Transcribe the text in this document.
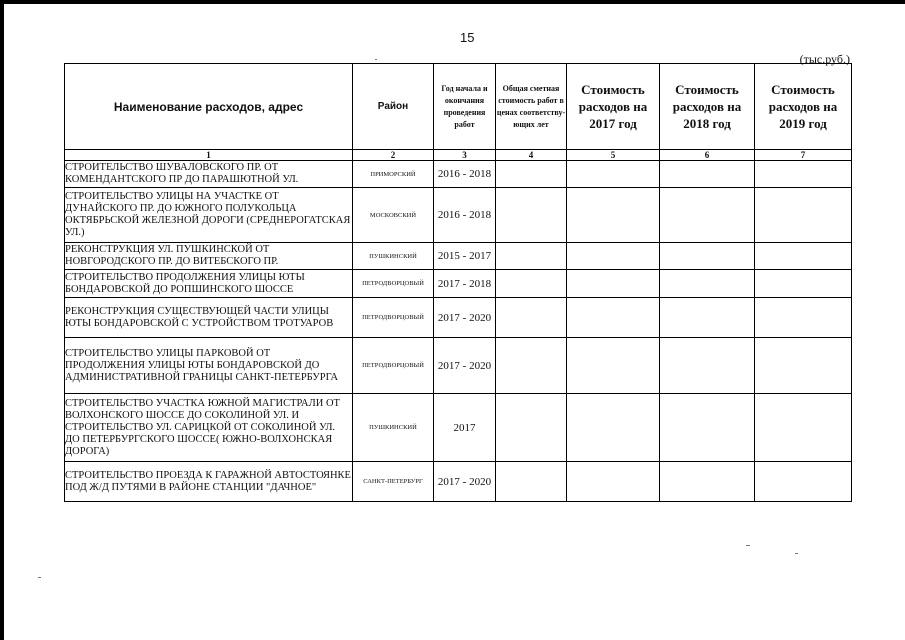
15
(тыс.руб.)
Наименование расходов, адрес	Район	Год начала и окончания проведения работ	Общая сметная стоимость работ в ценах соответству-ющих лет	Стоимость расходов на 2017 год	Стоимость расходов на 2018 год	Стоимость расходов на 2019 год
1	2	3	4	5	6	7
СТРОИТЕЛЬСТВО ШУВАЛОВСКОГО ПР. ОТ КОМЕНДАНТСКОГО ПР ДО ПАРАШЮТНОЙ УЛ.	ПРИМОРСКИЙ	2016 - 2018				
СТРОИТЕЛЬСТВО УЛИЦЫ НА УЧАСТКЕ ОТ ДУНАЙСКОГО ПР. ДО ЮЖНОГО ПОЛУКОЛЬЦА ОКТЯБРЬСКОЙ ЖЕЛЕЗНОЙ ДОРОГИ (СРЕДНЕРОГАТСКАЯ УЛ.)	МОСКОВСКИЙ	2016 - 2018				
РЕКОНСТРУКЦИЯ УЛ. ПУШКИНСКОЙ ОТ НОВГОРОДСКОГО ПР. ДО ВИТЕБСКОГО ПР.	ПУШКИНСКИЙ	2015 - 2017				
СТРОИТЕЛЬСТВО ПРОДОЛЖЕНИЯ УЛИЦЫ ЮТЫ БОНДАРОВСКОЙ ДО РОПШИНСКОГО ШОССЕ	ПЕТРОДВОРЦОВЫЙ	2017 - 2018				
РЕКОНСТРУКЦИЯ СУЩЕСТВУЮЩЕЙ ЧАСТИ УЛИЦЫ ЮТЫ БОНДАРОВСКОЙ С УСТРОЙСТВОМ ТРОТУАРОВ	ПЕТРОДВОРЦОВЫЙ	2017 - 2020				
СТРОИТЕЛЬСТВО УЛИЦЫ ПАРКОВОЙ ОТ ПРОДОЛЖЕНИЯ УЛИЦЫ ЮТЫ БОНДАРОВСКОЙ ДО АДМИНИСТРАТИВНОЙ ГРАНИЦЫ САНКТ-ПЕТЕРБУРГА	ПЕТРОДВОРЦОВЫЙ	2017 - 2020				
СТРОИТЕЛЬСТВО УЧАСТКА ЮЖНОЙ МАГИСТРАЛИ ОТ ВОЛХОНСКОГО ШОССЕ ДО СОКОЛИНОЙ УЛ. И СТРОИТЕЛЬСТВО УЛ. САРИЦКОЙ ОТ СОКОЛИНОЙ УЛ. ДО ПЕТЕРБУРГСКОГО ШОССЕ( ЮЖНО-ВОЛХОНСКАЯ ДОРОГА)	ПУШКИНСКИЙ	2017				
СТРОИТЕЛЬСТВО ПРОЕЗДА К ГАРАЖНОЙ АВТОСТОЯНКЕ ПОД Ж/Д ПУТЯМИ В РАЙОНЕ СТАНЦИИ "ДАЧНОЕ"	САНКТ-ПЕТЕРБУРГ	2017 - 2020				
